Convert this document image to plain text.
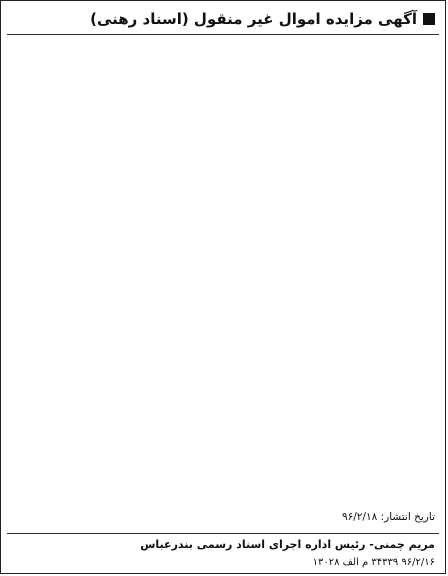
آگهی مزایده اموال غیر منقول (اسناد رهنی)
تاریخ انتشار: ۹۶/۲/۱۸
مریم چمنی- رئیس اداره اجرای اسناد رسمی بندرعباس
۹۶/۲/۱۶ ۳۴۳۳۹ م الف ۱۳۰۲۸
